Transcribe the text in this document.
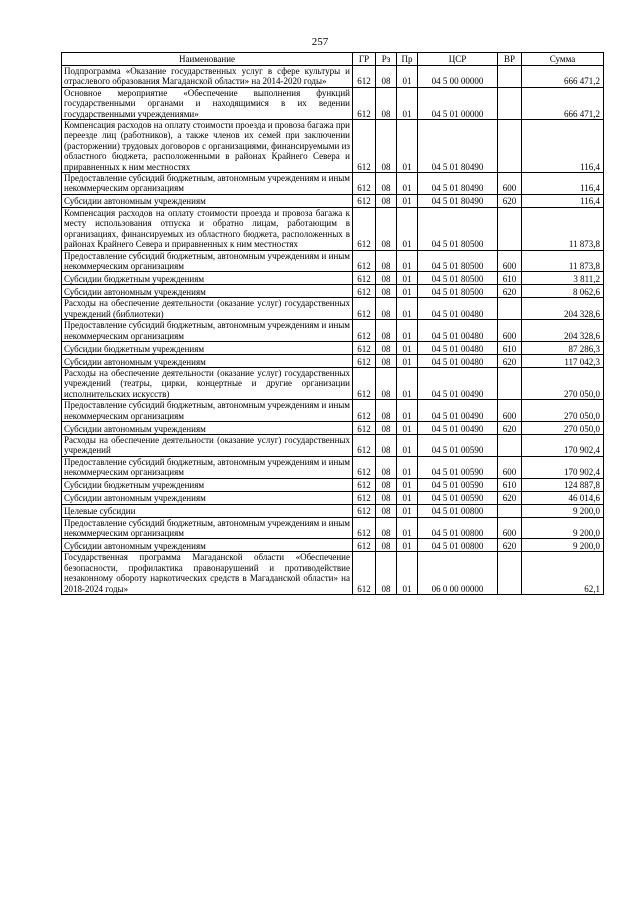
257
Наименование	ГР	Рз	Пр	ЦСР	ВР	Сумма
Подпрограмма «Оказание государственных услуг в сфере культуры и отраслевого образования Магаданской области» на 2014-2020 годы»	612	08	01	04 5 00 00000		666 471,2
Основное мероприятие «Обеспечение выполнения функций государственными органами и находящимися в их ведении государственными учреждениями»	612	08	01	04 5 01 00000		666 471,2
Компенсация расходов на оплату стоимости проезда и провоза багажа при переезде лиц (работников), а также членов их семей при заключении (расторжении) трудовых договоров с организациями, финансируемыми из областного бюджета, расположенными в районах Крайнего Севера и приравненных к ним местностях	612	08	01	04 5 01 80490		116,4
Предоставление субсидий бюджетным, автономным учреждениям и иным некоммерческим организациям	612	08	01	04 5 01 80490	600	116,4
Субсидии автономным учреждениям	612	08	01	04 5 01 80490	620	116,4
Компенсация расходов на оплату стоимости проезда и провоза багажа к месту использования отпуска и обратно лицам, работающим в организациях, финансируемых из областного бюджета, расположенных в районах Крайнего Севера и приравненных к ним местностях	612	08	01	04 5 01 80500		11 873,8
Предоставление субсидий бюджетным, автономным учреждениям и иным некоммерческим организациям	612	08	01	04 5 01 80500	600	11 873,8
Субсидии бюджетным учреждениям	612	08	01	04 5 01 80500	610	3 811,2
Субсидии автономным учреждениям	612	08	01	04 5 01 80500	620	8 062,6
Расходы на обеспечение деятельности (оказание услуг) государственных учреждений (библиотеки)	612	08	01	04 5 01 00480		204 328,6
Предоставление субсидий бюджетным, автономным учреждениям и иным некоммерческим организациям	612	08	01	04 5 01 00480	600	204 328,6
Субсидии бюджетным учреждениям	612	08	01	04 5 01 00480	610	87 286,3
Субсидии автономным учреждениям	612	08	01	04 5 01 00480	620	117 042,3
Расходы на обеспечение деятельности (оказание услуг) государственных учреждений (театры, цирки, концертные и другие организации исполнительских искусств)	612	08	01	04 5 01 00490		270 050,0
Предоставление субсидий бюджетным, автономным учреждениям и иным некоммерческим организациям	612	08	01	04 5 01 00490	600	270 050,0
Субсидии автономным учреждениям	612	08	01	04 5 01 00490	620	270 050,0
Расходы на обеспечение деятельности (оказание услуг) государственных учреждений	612	08	01	04 5 01 00590		170 902,4
Предоставление субсидий бюджетным, автономным учреждениям и иным некоммерческим организациям	612	08	01	04 5 01 00590	600	170 902,4
Субсидии бюджетным учреждениям	612	08	01	04 5 01 00590	610	124 887,8
Субсидии автономным учреждениям	612	08	01	04 5 01 00590	620	46 014,6
Целевые субсидии	612	08	01	04 5 01 00800		9 200,0
Предоставление субсидий бюджетным, автономным учреждениям и иным некоммерческим организациям	612	08	01	04 5 01 00800	600	9 200,0
Субсидии автономным учреждениям	612	08	01	04 5 01 00800	620	9 200,0
Государственная программа Магаданской области «Обеспечение безопасности, профилактика правонарушений и противодействие незаконному обороту наркотических средств в Магаданской области» на 2018-2024 годы»	612	08	01	06 0 00 00000		62,1
